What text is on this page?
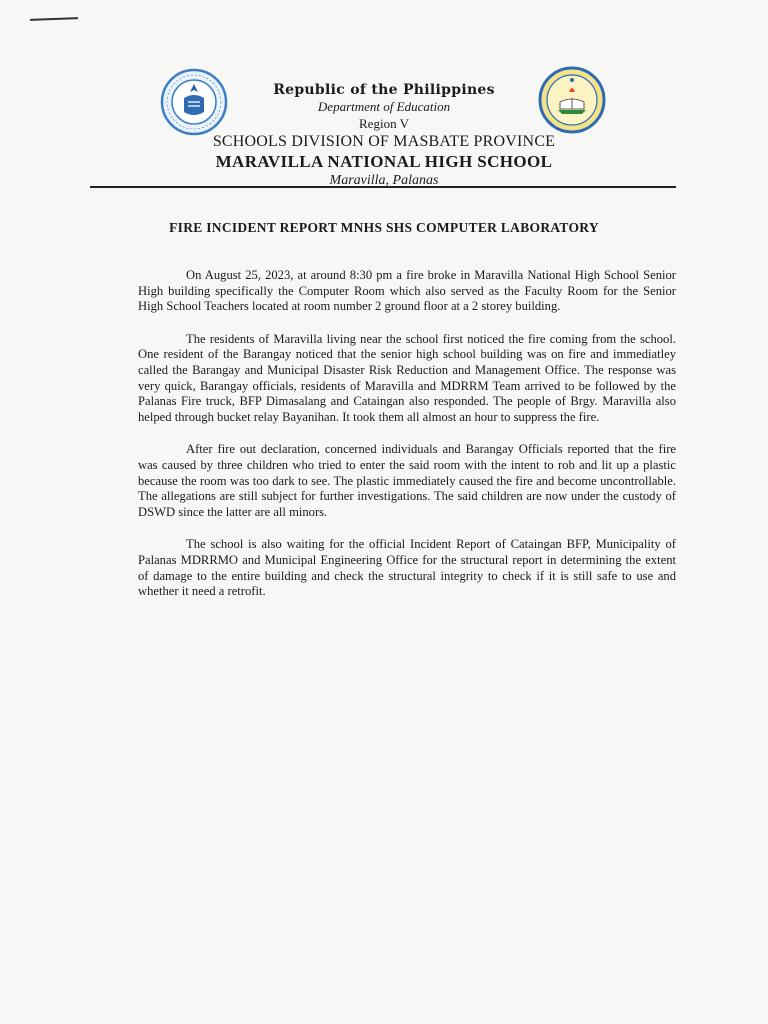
Republic of the Philippines
Department of Education
Region V
SCHOOLS DIVISION OF MASBATE PROVINCE
MARAVILLA NATIONAL HIGH SCHOOL
Maravilla, Palanas
FIRE INCIDENT REPORT MNHS SHS COMPUTER LABORATORY

On August 25, 2023, at around 8:30 pm a fire broke in Maravilla National High School Senior High building specifically the Computer Room which also served as the Faculty Room for the Senior High School Teachers located at room number 2 ground floor at a 2 storey building.

The residents of Maravilla living near the school first noticed the fire coming from the school. One resident of the Barangay noticed that the senior high school building was on fire and immediatley called the Barangay and Municipal Disaster Risk Reduction and Management Office. The response was very quick, Barangay officials, residents of Maravilla and MDRRM Team arrived to be followed by the Palanas Fire truck, BFP Dimasalang and Cataingan also responded. The people of Brgy. Maravilla also helped through bucket relay Bayanihan. It took them all almost an hour to suppress the fire.

After fire out declaration, concerned individuals and Barangay Officials reported that the fire was caused by three children who tried to enter the said room with the intent to rob and lit up a plastic because the room was too dark to see. The plastic immediately caused the fire and become uncontrollable. The allegations are still subject for further investigations. The said children are now under the custody of DSWD since the latter are all minors.

The school is also waiting for the official Incident Report of Cataingan BFP, Municipality of Palanas MDRRMO and Municipal Engineering Office for the structural report in determining the extent of damage to the entire building and check the structural integrity to check if it is still safe to use and whether it need a retrofit.
